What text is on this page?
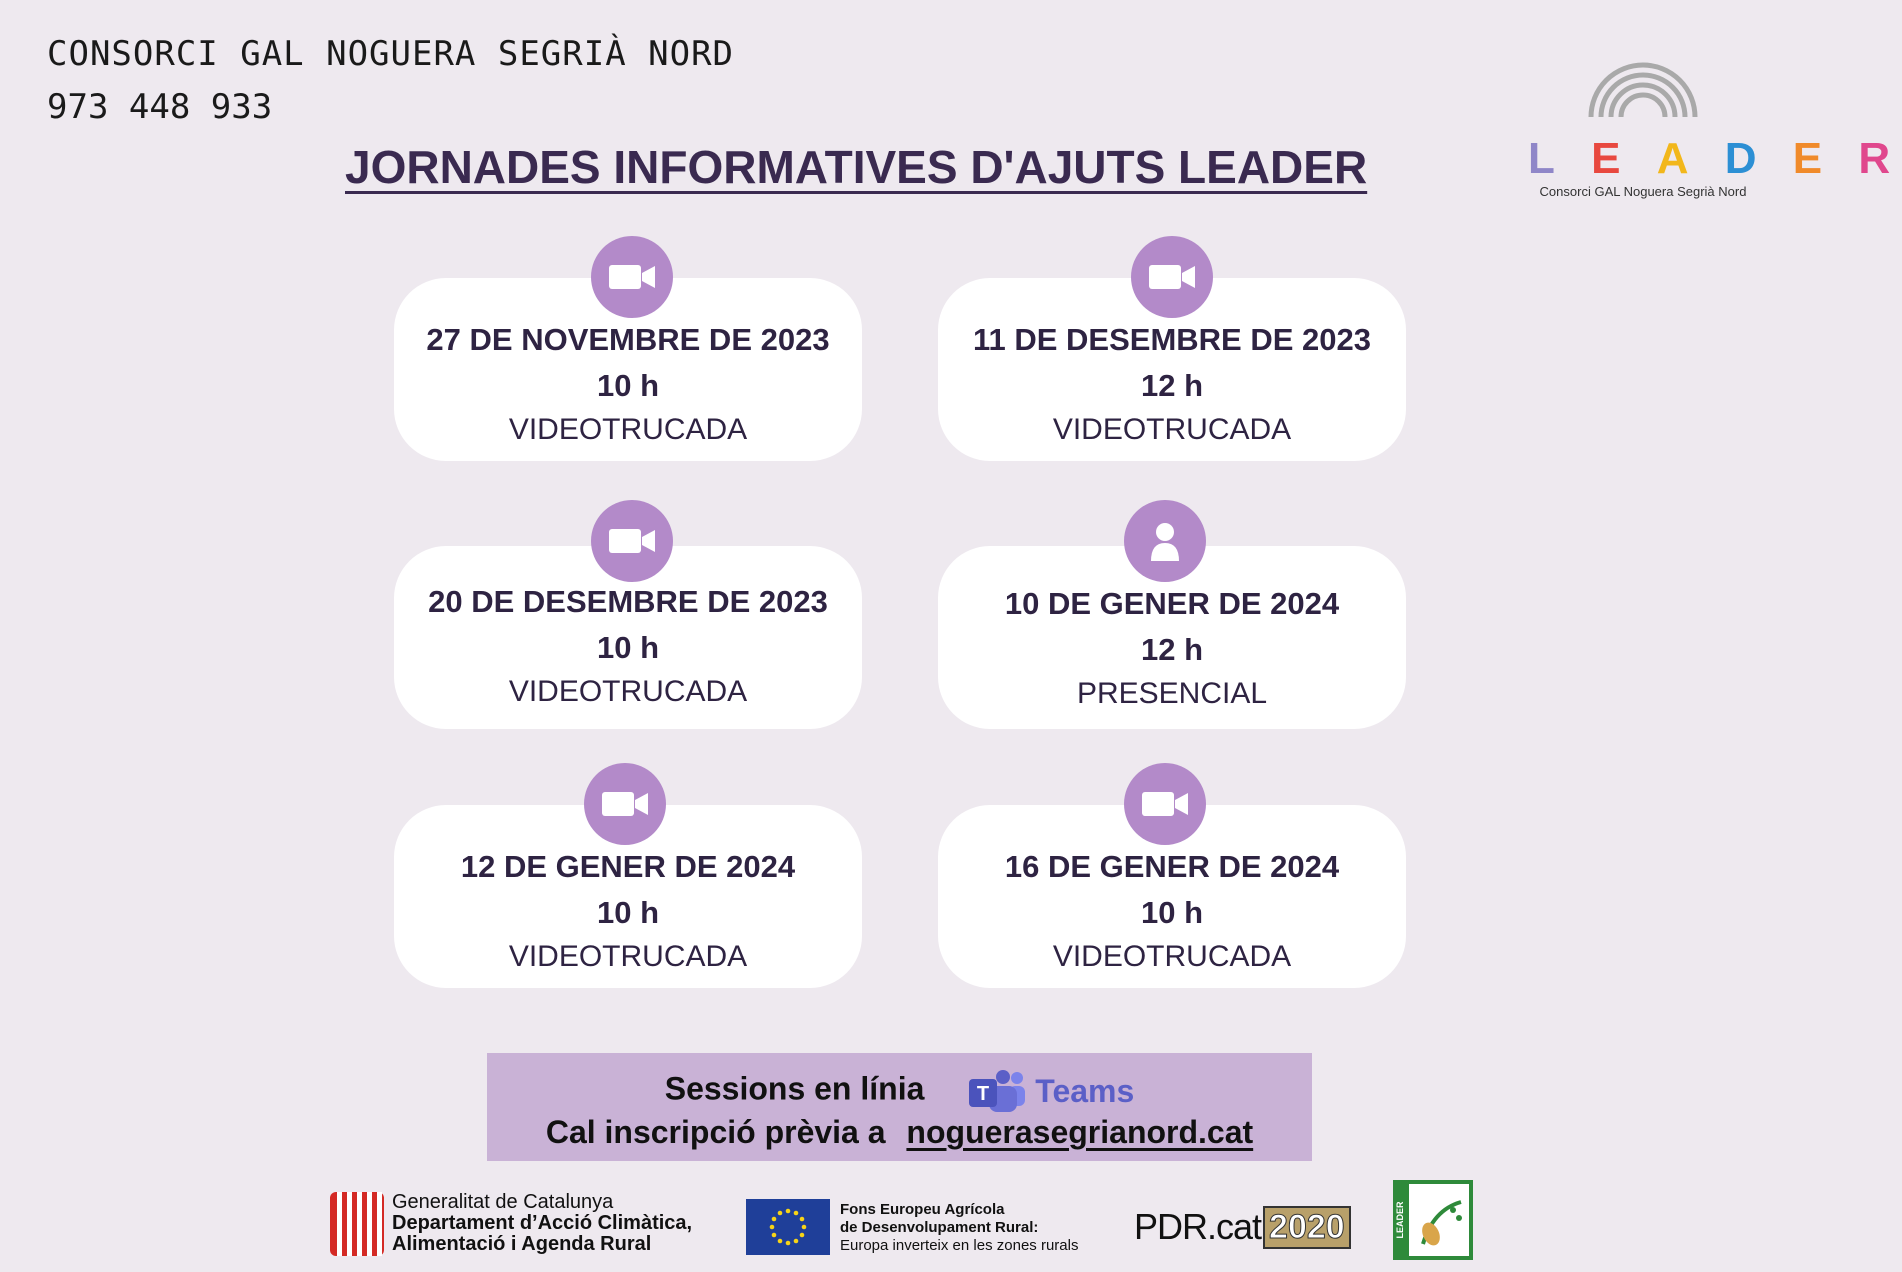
CONSORCI GAL NOGUERA SEGRIÀ NORD
973 448 933
JORNADES INFORMATIVES D'AJUTS LEADER	L E A D E R
Consorci GAL Noguera Segrià Nord
27 DE NOVEMBRE DE 2023
10 h
VIDEOTRUCADA
11 DE DESEMBRE DE 2023
12 h
VIDEOTRUCADA
20 DE DESEMBRE DE 2023
10 h
VIDEOTRUCADA
10 DE GENER DE 2024
12 h
PRESENCIAL
12 DE GENER DE 2024
10 h
VIDEOTRUCADA
16 DE GENER DE 2024
10 h
VIDEOTRUCADA
Sessions en línia	T Teams
Cal inscripció prèvia a noguerasegrianord.cat
Generalitat de Catalunya
Departament d’Acció Climàtica,
Alimentació i Agenda Rural
Fons Europeu Agrícola
de Desenvolupament Rural:
Europa inverteix en les zones rurals PDR.cat 2020	LEADER
